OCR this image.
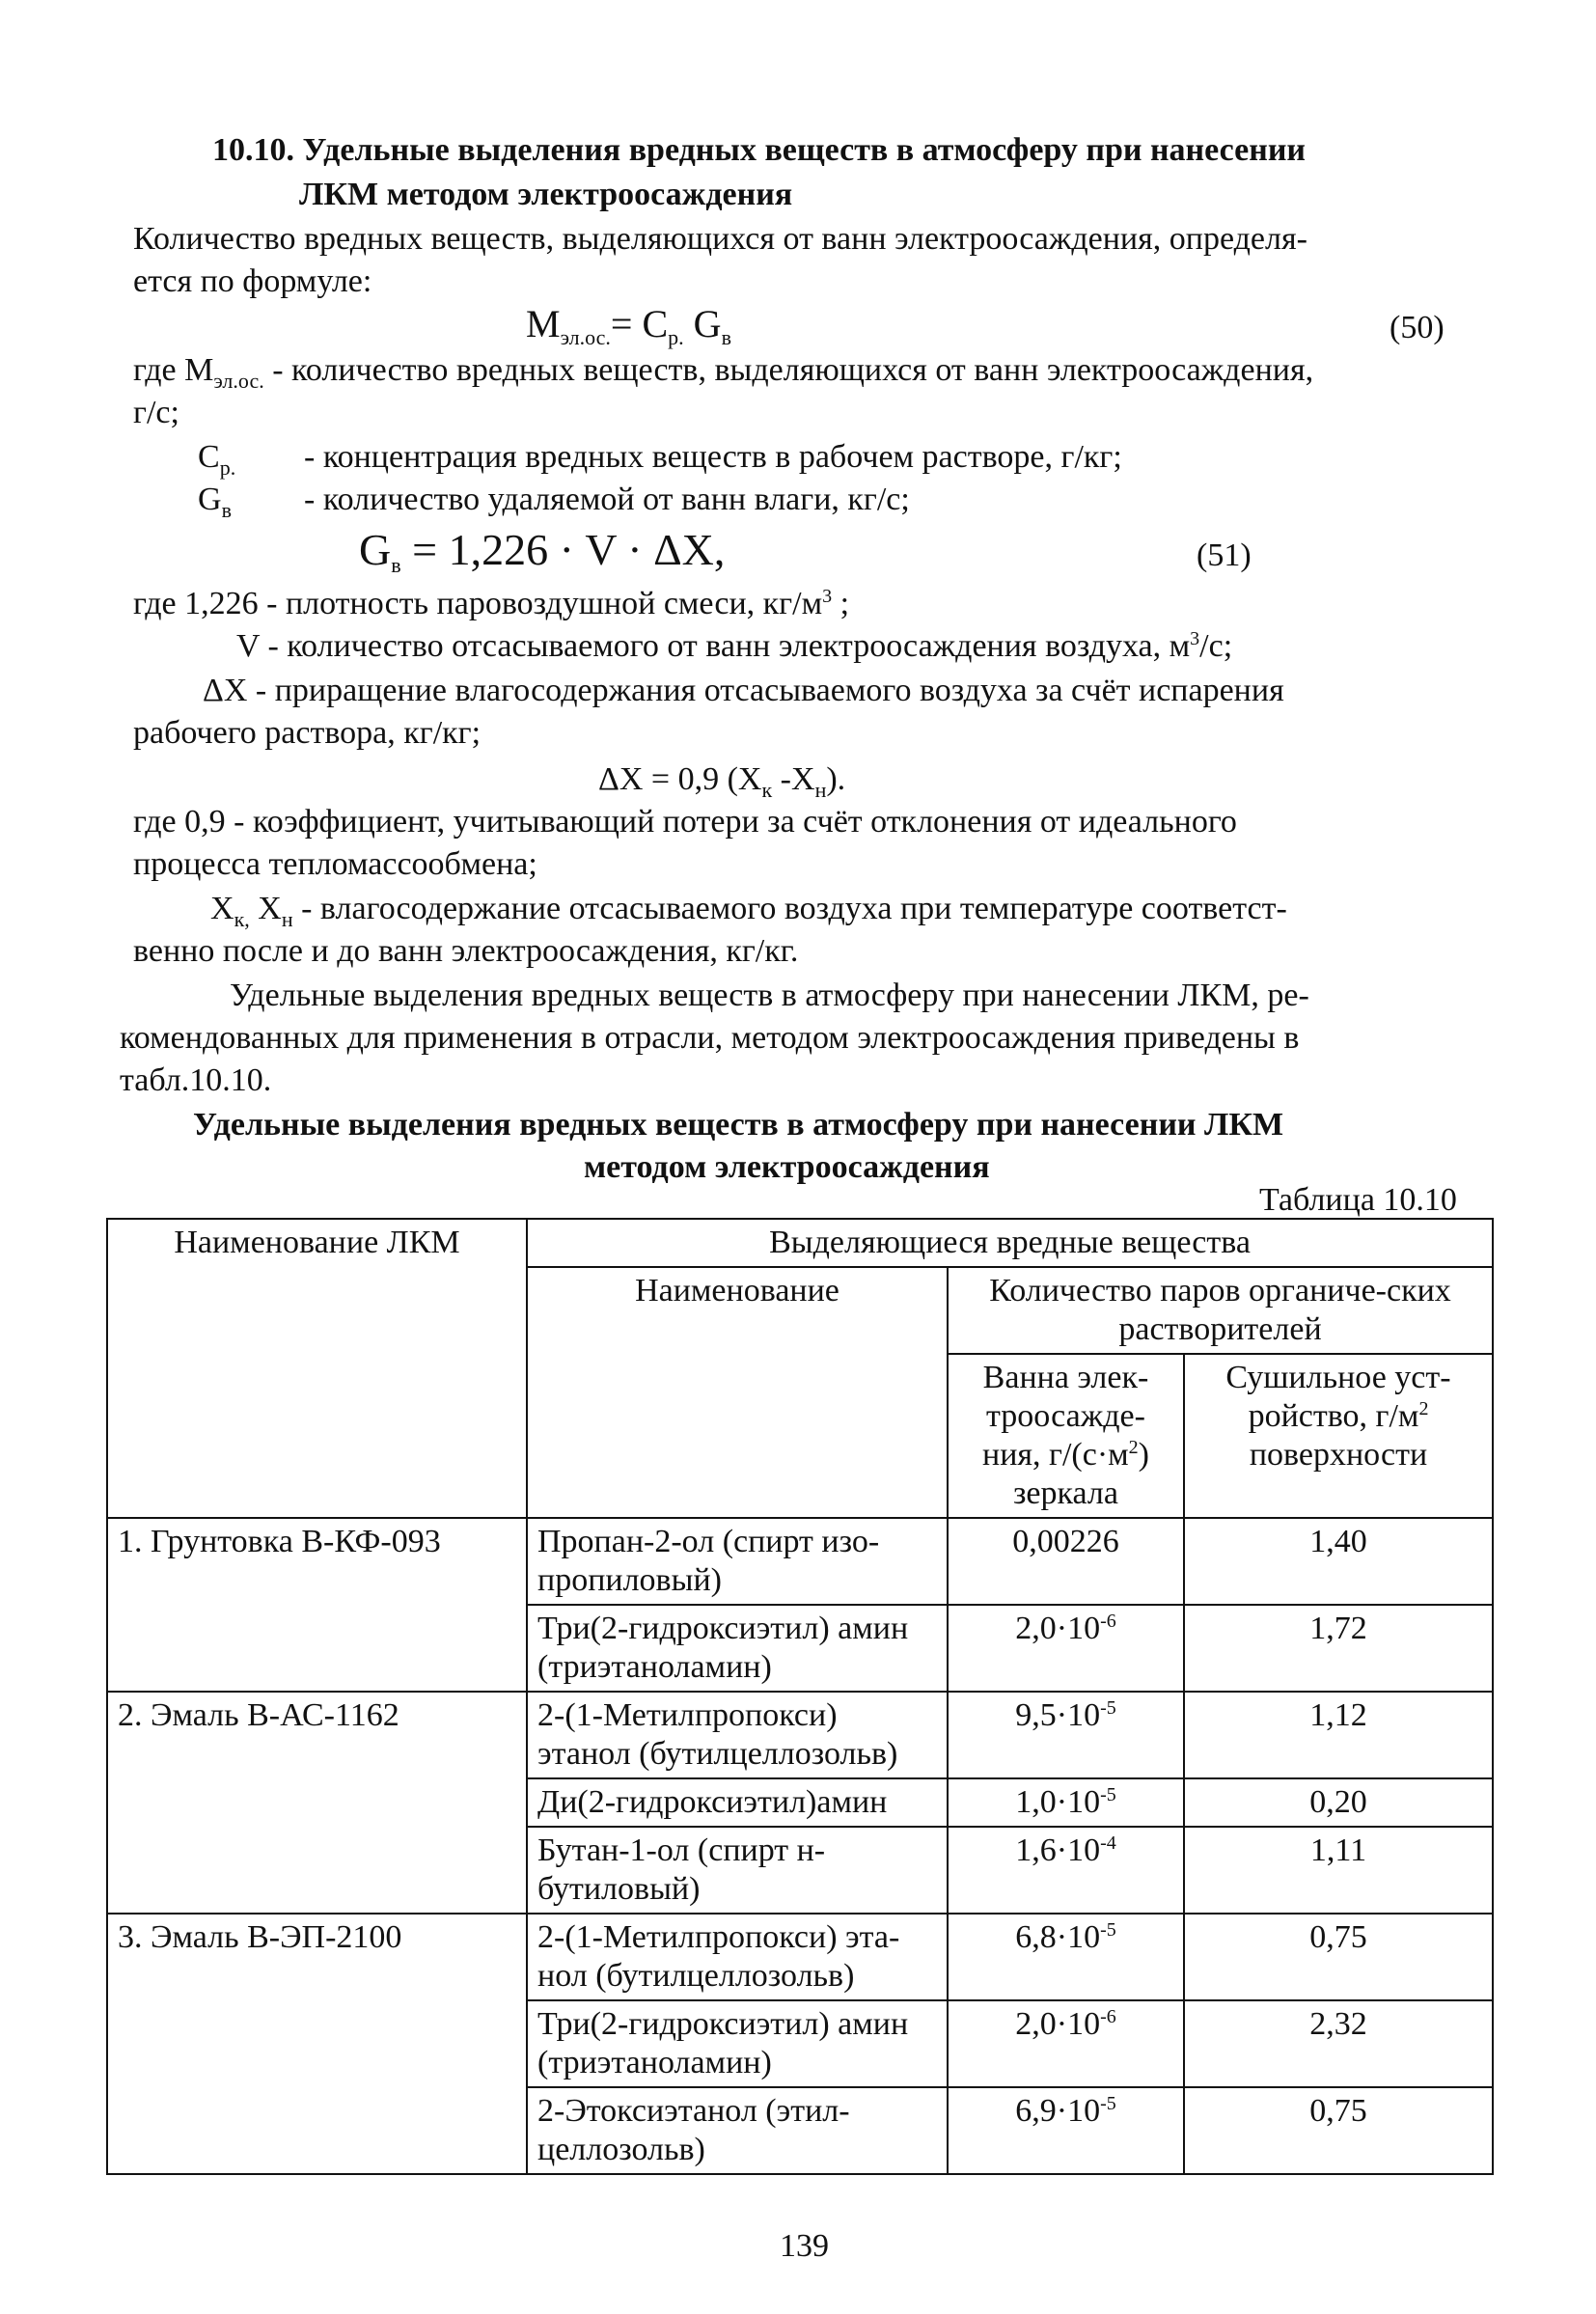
10.10. Удельные выделения вредных веществ в атмосферу при нанесении
ЛКМ методом электроосаждения
Количество вредных веществ, выделяющихся от ванн электроосаждения, определя-
ется по формуле:
$М_{эл.ос.}= С_{р.}$ $G_в$	(50)
где $М_{эл.ос.}$ - количество вредных веществ, выделяющихся от ванн электроосаждения,
г/с;
$С_{р.}$ - концентрация вредных веществ в рабочем растворе, г/кг;
$G_в$ - количество удаляемой от ванн влаги, кг/с;
$G_в = 1,226 \cdot V \cdot \Delta X$,	(51)
где 1,226 - плотность паровоздушной смеси, $кг/м^3$ ;
V - количество отсасываемого от ванн электроосаждения воздуха, $м^3/с$;
ΔX - приращение влагосодержания отсасываемого воздуха за счёт испарения
рабочего раствора, кг/кг;
ΔX = 0,9 ($X_к$ $-X_н$).
где 0,9 - коэффициент, учитывающий потери за счёт отклонения от идеального
процесса тепломассообмена;
$X_{к,}$ $X_н$ - влагосодержание отсасываемого воздуха при температуре соответст-
венно после и до ванн электроосаждения, кг/кг.
Удельные выделения вредных веществ в атмосферу при нанесении ЛКМ, ре-
комендованных для применения в отрасли, методом электроосаждения приведены в
табл.10.10.
Удельные выделения вредных веществ в атмосферу при нанесении ЛКМ
методом электроосаждения
Таблица 10.10
Наименование ЛКМ	Выделяющиеся вредные вещества		
	Наименование	Количество паров органиче-ских растворителей	
		Ванна элек-троосажде-ния, $г/(с\cdot м^2)$ зеркала	Сушильное уст-ройство, $г/м^2$ поверхности
1. Грунтовка В-КФ-093	Пропан-2-ол (спирт изо-пропиловый)	0,00226	1,40
	Три(2-гидроксиэтил) амин (триэтаноламин)	$2,0\cdot 10^{-6}$	1,72
2. Эмаль В-АС-1162	2-(1-Метилпропокси) этанол (бутилцеллозольв)	$9,5\cdot 10^{-5}$	1,12
	Ди(2-гидроксиэтил)амин	$1,0\cdot 10^{-5}$	0,20
	Бутан-1-ол (спирт н-бутиловый)	$1,6\cdot 10^{-4}$	1,11
3. Эмаль В-ЭП-2100	2-(1-Метилпропокси) эта-нол (бутилцеллозольв)	$6,8\cdot 10^{-5}$	0,75
	Три(2-гидроксиэтил) амин (триэтаноламин)	$2,0\cdot 10^{-6}$	2,32
	2-Этоксиэтанол (этил-целлозольв)	$6,9\cdot 10^{-5}$	0,75
139
